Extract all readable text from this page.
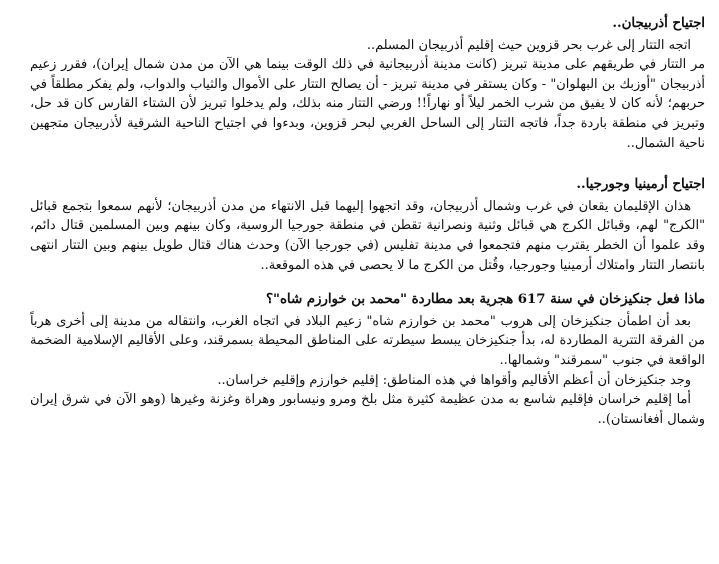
اجتياح أذربيجان..

اتجه التتار إلى غرب بحر قزوين حيث إقليم أذربيجان المسلم..

مر التتار في طريقهم على مدينة تبريز (كانت مدينة أذربيجانية في ذلك الوقت بينما هي الآن من مدن شمال إيران)، فقرر زعيم أذربيجان "أوزبك بن البهلوان" - وكان يستقر في مدينة تبريز - أن يصالح التتار على الأموال والثياب والدواب، ولم يفكر مطلقاً في حربهم؛ لأنه كان لا يفيق من شرب الخمر ليلاً أو نهاراً!! ورضي التتار منه بذلك، ولم يدخلوا تبريز لأن الشتاء القارس كان قد حل، وتبريز في منطقة باردة جداً، فاتجه التتار إلى الساحل الغربي لبحر قزوين، وبدءوا في اجتياح الناحية الشرقية لأذربيجان متجهين ناحية الشمال..

اجتياح أرمينيا وجورجيا..

هذان الإقليمان يقعان في غرب وشمال أذربيجان، وقد اتجهوا إليهما قبل الانتهاء من مدن أذربيجان؛ لأنهم سمعوا بتجمع قبائل "الكرج" لهم، وقبائل الكرج هي قبائل وثنية ونصرانية تقطن في منطقة جورجيا الروسية، وكان بينهم وبين المسلمين قتال دائم، وقد علموا أن الخطر يقترب منهم فتجمعوا في مدينة تفليس (في جورجيا الآن) وحدث هناك قتال طويل بينهم وبين التتار انتهى بانتصار التتار وامتلاك أرمينيا وجورجيا، وقُتل من الكرج ما لا يحصى في هذه الموقعة..

ماذا فعل جنكيزخان في سنة 617 هجرية بعد مطاردة "محمد بن خوارزم شاه"؟

بعد أن اطمأن جنكيزخان إلى هروب "محمد بن خوارزم شاه" زعيم البلاد في اتجاه الغرب، وانتقاله من مدينة إلى أخرى هرباً من الفرقة التترية المطاردة له، بدأ جنكيزخان يبسط سيطرته على المناطق المحيطة بسمرقند، وعلى الأقاليم الإسلامية الضخمة الواقعة في جنوب "سمرقند" وشمالها..

وجد جنكيزخان أن أعظم الأقاليم وأقواها في هذه المناطق: إقليم خوارزم وإقليم خراسان..

أما إقليم خراسان فإقليم شاسع به مدن عظيمة كثيرة مثل بلخ ومرو ونيسابور وهراة وغزنة وغيرها (وهو الآن في شرق إيران وشمال أفغانستان)..
